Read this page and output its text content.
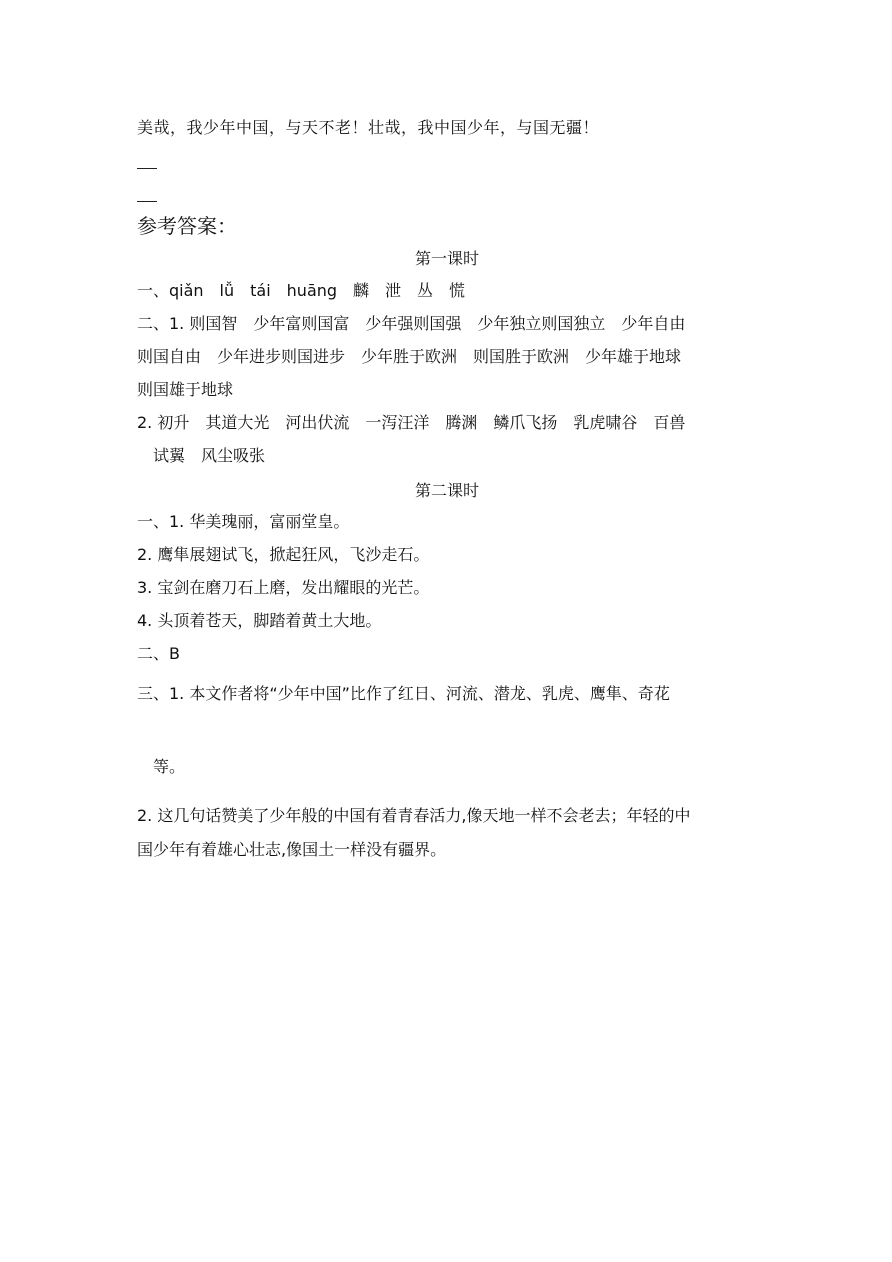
美哉，我少年中国，与天不老！壮哉，我中国少年，与国无疆！
参考答案：
第一课时
一、qiǎn　lǚ　tái　huāng　麟　泄　丛　慌
二、1. 则国智　少年富则国富　少年强则国强　少年独立则国独立　少年自由
则国自由　少年进步则国进步　少年胜于欧洲　则国胜于欧洲　少年雄于地球
则国雄于地球
2. 初升　其道大光　河出伏流　一泻汪洋　腾渊　鳞爪飞扬　乳虎啸谷　百兽
　试翼　风尘吸张
第二课时
一、1. 华美瑰丽，富丽堂皇。
2. 鹰隼展翅试飞，掀起狂风，飞沙走石。
3. 宝剑在磨刀石上磨，发出耀眼的光芒。
4. 头顶着苍天，脚踏着黄土大地。
二、B
三、1. 本文作者将“少年中国”比作了红日、河流、潜龙、乳虎、鹰隼、奇花
　等。
2. 这几句话赞美了少年般的中国有着青春活力,像天地一样不会老去；年轻的中
国少年有着雄心壮志,像国土一样没有疆界。
